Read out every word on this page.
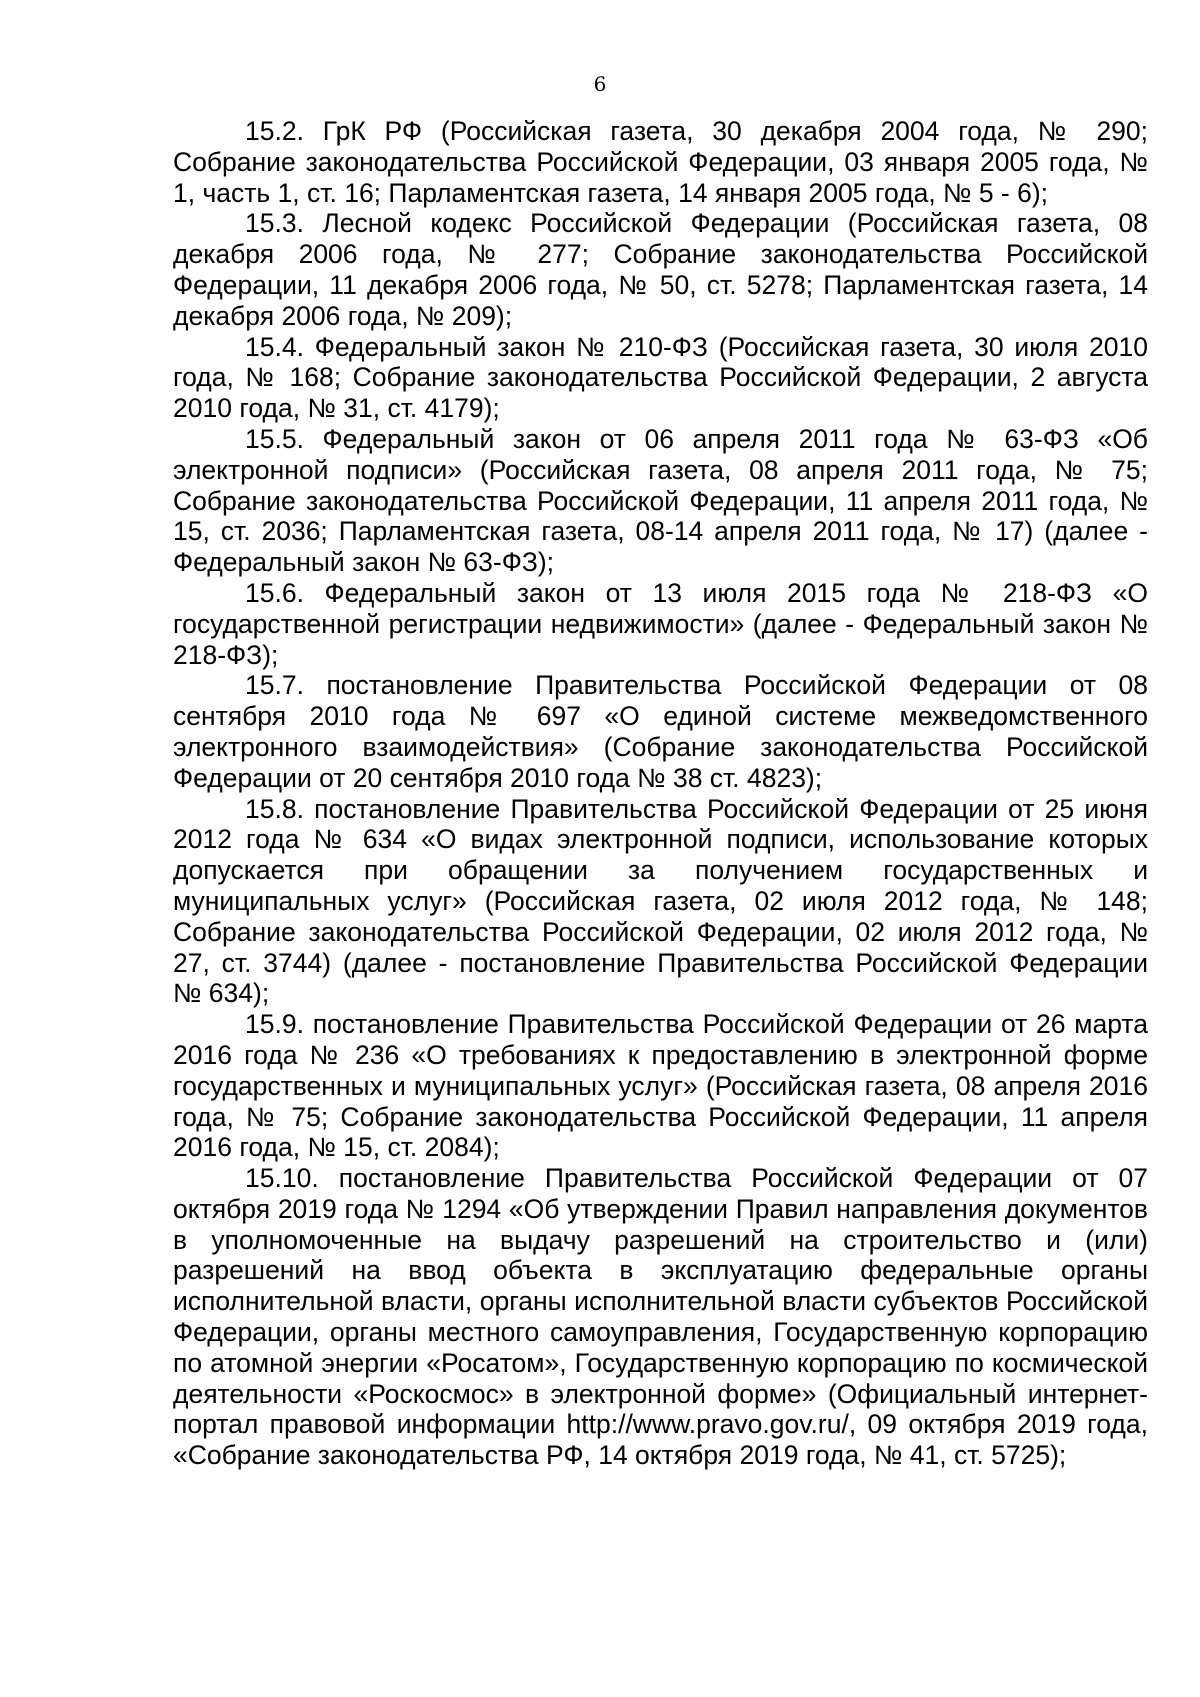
6

15.2. ГрК РФ (Российская газета, 30 декабря 2004 года, № 290; Собрание законодательства Российской Федерации, 03 января 2005 года, № 1, часть 1, ст. 16; Парламентская газета, 14 января 2005 года, № 5 - 6);

15.3. Лесной кодекс Российской Федерации (Российская газета, 08 декабря 2006 года, № 277; Собрание законодательства Российской Федерации, 11 декабря 2006 года, № 50, ст. 5278; Парламентская газета, 14 декабря 2006 года, № 209);

15.4. Федеральный закон № 210-ФЗ (Российская газета, 30 июля 2010 года, № 168; Собрание законодательства Российской Федерации, 2 августа 2010 года, № 31, ст. 4179);

15.5. Федеральный закон от 06 апреля 2011 года № 63-ФЗ «Об электронной подписи» (Российская газета, 08 апреля 2011 года, № 75; Собрание законодательства Российской Федерации, 11 апреля 2011 года, № 15, ст. 2036; Парламентская газета, 08-14 апреля 2011 года, № 17) (далее - Федеральный закон № 63-ФЗ);

15.6. Федеральный закон от 13 июля 2015 года № 218-ФЗ «О государственной регистрации недвижимости» (далее - Федеральный закон № 218-ФЗ);

15.7. постановление Правительства Российской Федерации от 08 сентября 2010 года № 697 «О единой системе межведомственного электронного взаимодействия» (Собрание законодательства Российской Федерации от 20 сентября 2010 года № 38 ст. 4823);

15.8. постановление Правительства Российской Федерации от 25 июня 2012 года № 634 «О видах электронной подписи, использование которых допускается при обращении за получением государственных и муниципальных услуг» (Российская газета, 02 июля 2012 года, № 148; Собрание законодательства Российской Федерации, 02 июля 2012 года, № 27, ст. 3744) (далее - постановление Правительства Российской Федерации № 634);

15.9. постановление Правительства Российской Федерации от 26 марта 2016 года № 236 «О требованиях к предоставлению в электронной форме государственных и муниципальных услуг» (Российская газета, 08 апреля 2016 года, № 75; Собрание законодательства Российской Федерации, 11 апреля 2016 года, № 15, ст. 2084);

15.10. постановление Правительства Российской Федерации от 07 октября 2019 года № 1294 «Об утверждении Правил направления документов в уполномоченные на выдачу разрешений на строительство и (или) разрешений на ввод объекта в эксплуатацию федеральные органы исполнительной власти, органы исполнительной власти субъектов Российской Федерации, органы местного самоуправления, Государственную корпорацию по атомной энергии «Росатом», Государственную корпорацию по космической деятельности «Роскосмос» в электронной форме» (Официальный интернет-портал правовой информации http://www.pravo.gov.ru/, 09 октября 2019 года, «Собрание законодательства РФ, 14 октября 2019 года, № 41, ст. 5725);
